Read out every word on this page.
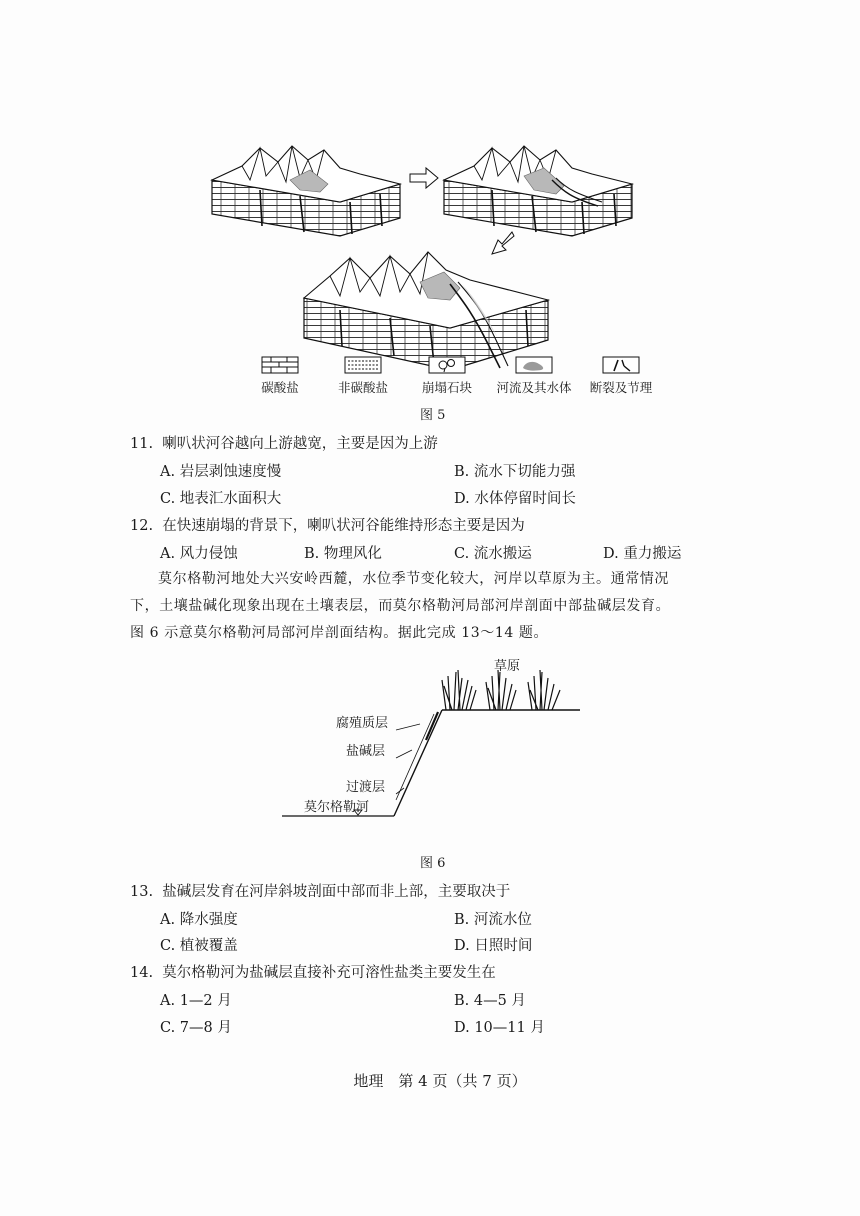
碳酸盐	非碳酸盐	崩塌石块	河流及其水体	断裂及节理
图 5
11. 喇叭状河谷越向上游越宽，主要是因为上游
A. 岩层剥蚀速度慢	B. 流水下切能力强
C. 地表汇水面积大	D. 水体停留时间长
12. 在快速崩塌的背景下，喇叭状河谷能维持形态主要是因为
A. 风力侵蚀	B. 物理风化	C. 流水搬运	D. 重力搬运
莫尔格勒河地处大兴安岭西麓，水位季节变化较大，河岸以草原为主。通常情况
下，土壤盐碱化现象出现在土壤表层，而莫尔格勒河局部河岸剖面中部盐碱层发育。
图 6 示意莫尔格勒河局部河岸剖面结构。据此完成 13～14 题。
草原
腐殖质层
盐碱层
过渡层
莫尔格勒河
图 6
13. 盐碱层发育在河岸斜坡剖面中部而非上部，主要取决于
A. 降水强度	B. 河流水位
C. 植被覆盖	D. 日照时间
14. 莫尔格勒河为盐碱层直接补充可溶性盐类主要发生在
A. 1—2 月	B. 4—5 月
C. 7—8 月	D. 10—11 月
地理　第 4 页（共 7 页）
